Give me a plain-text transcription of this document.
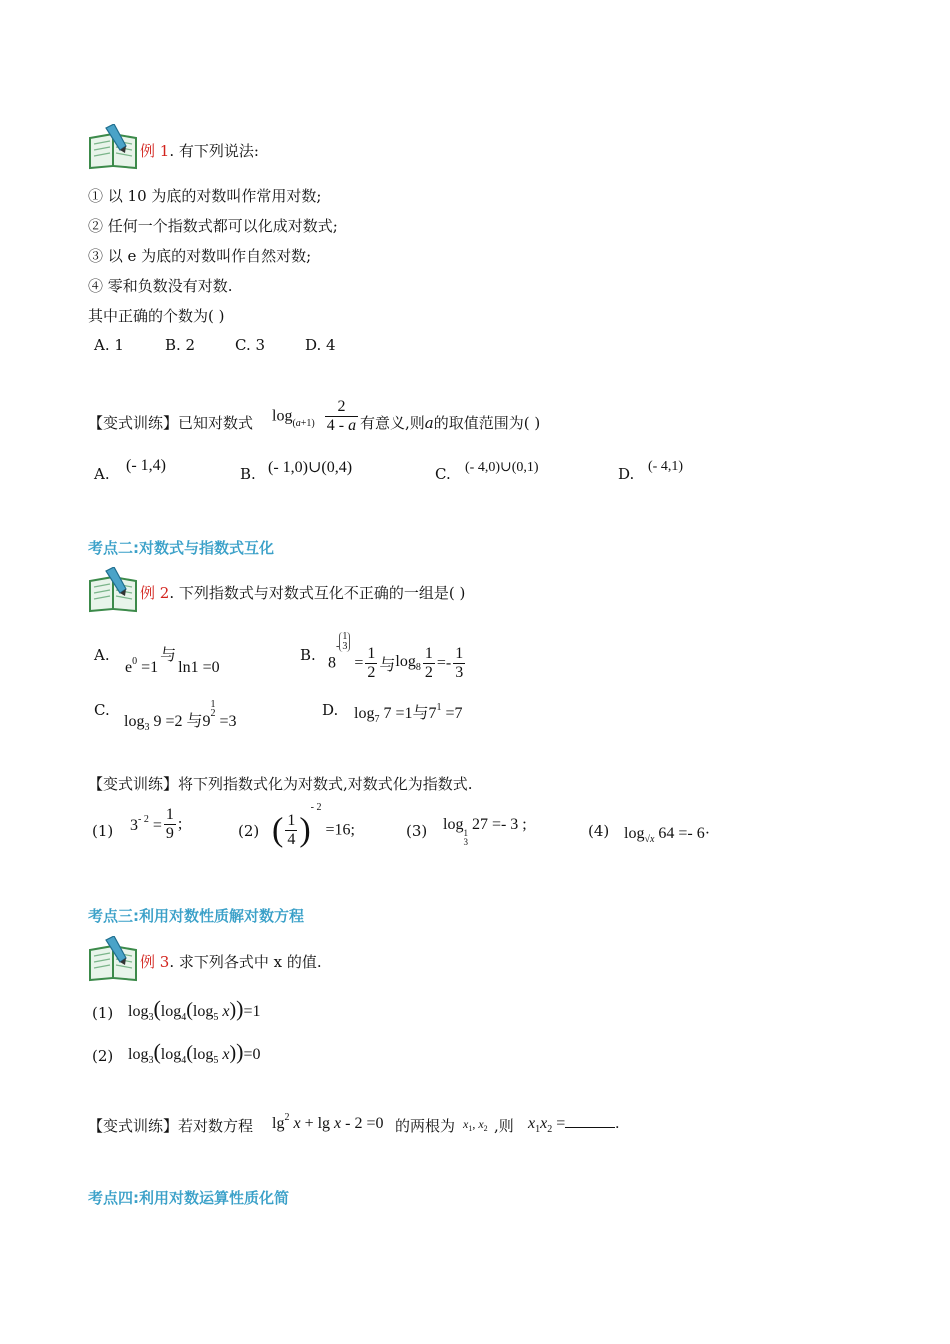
例 1. 有下列说法:
① 以 10 为底的对数叫作常用对数;
② 任何一个指数式都可以化成对数式;
③ 以 e 为底的对数叫作自然对数;
④ 零和负数没有对数.
其中正确的个数为( )
A. 1	B. 2	C. 3	D. 4
【变式训练】已知对数式 $\log_{(a+1)} \frac{2}{4 - a}$ 有意义,则a的取值范围为( )
A. (- 1,4)	B. (- 1,0)∪(0,4)	C. (- 4,0)∪(0,1)	D. (- 4,1)
考点二:对数式与指数式互化
例 2. 下列指数式与对数式互化不正确的一组是( )
A.
$e^0 =1$与ln1 =0
B. $8^{-1 3} = \frac{1}{2}$ 与$\log_8 \frac{1}{2} =- \frac{1}{3}$
C.
$\log_3 9 =2$ 与91
2 =3
D. $\log_7 7 =1$与$7^1 =7$
【变式训练】将下列指数式化为对数式,对数式化为指数式.
(1) $3^{- 2} = \frac{1}{9}$ ;	(2) ( $\frac{1}{4} )^{- 2} =16$;	(3) log1
3 27 =- 3 ;	(4) $\log_{√x} 64 =- 6\cdot$
考点三:利用对数性质解对数方程
例 3. 求下列各式中 x 的值.
(1) $\log_3(\log_4(\log_5$ x))=1
(2) $\log_3(\log_4(\log_5$ x))=0
【变式训练】若对数方程 $\lg^2 x + \lg x - 2 =0$ 的两根为 $x_1$, $x_2$ ,则 $x_1x_2$ =	.
考点四:利用对数运算性质化简
